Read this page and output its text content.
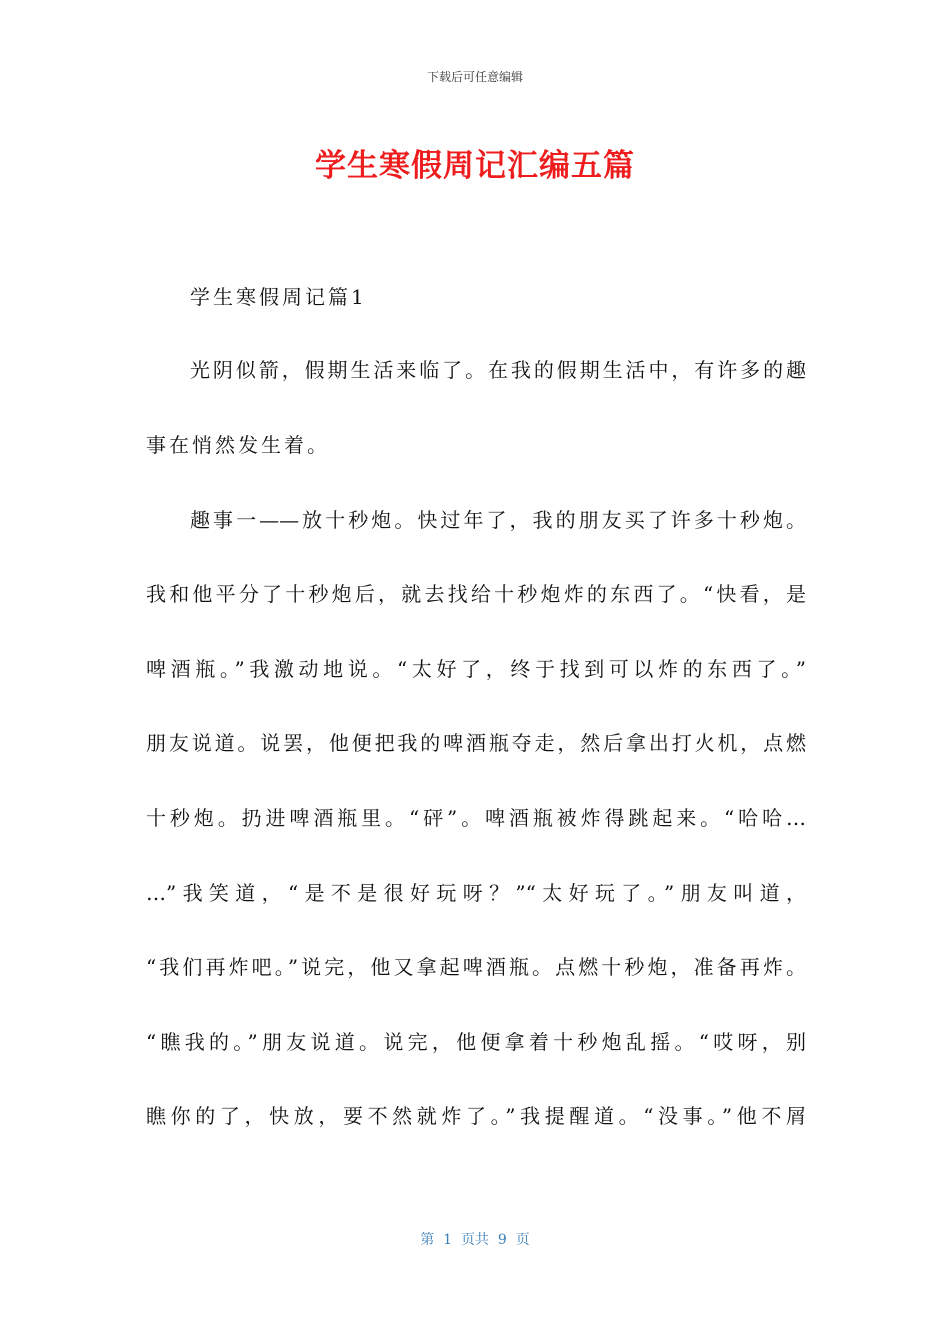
下载后可任意编辑
学生寒假周记汇编五篇
学生寒假周记篇1
光阴似箭，假期生活来临了。在我的假期生活中，有许多的趣
事在悄然发生着。
趣事一——放十秒炮。快过年了，我的朋友买了许多十秒炮。
我和他平分了十秒炮后，就去找给十秒炮炸的东西了。“快看，是
啤酒瓶。”我激动地说。“太好了，终于找到可以炸的东西了。”
朋友说道。说罢，他便把我的啤酒瓶夺走，然后拿出打火机，点燃
十秒炮。扔进啤酒瓶里。“砰”。啤酒瓶被炸得跳起来。“哈哈…
…”我笑道，“是不是很好玩呀？”“太好玩了。”朋友叫道，
“我们再炸吧。”说完，他又拿起啤酒瓶。点燃十秒炮，准备再炸。
“瞧我的。”朋友说道。说完，他便拿着十秒炮乱摇。“哎呀，别
瞧你的了，快放，要不然就炸了。”我提醒道。“没事。”他不屑
第  1  页共  9  页
